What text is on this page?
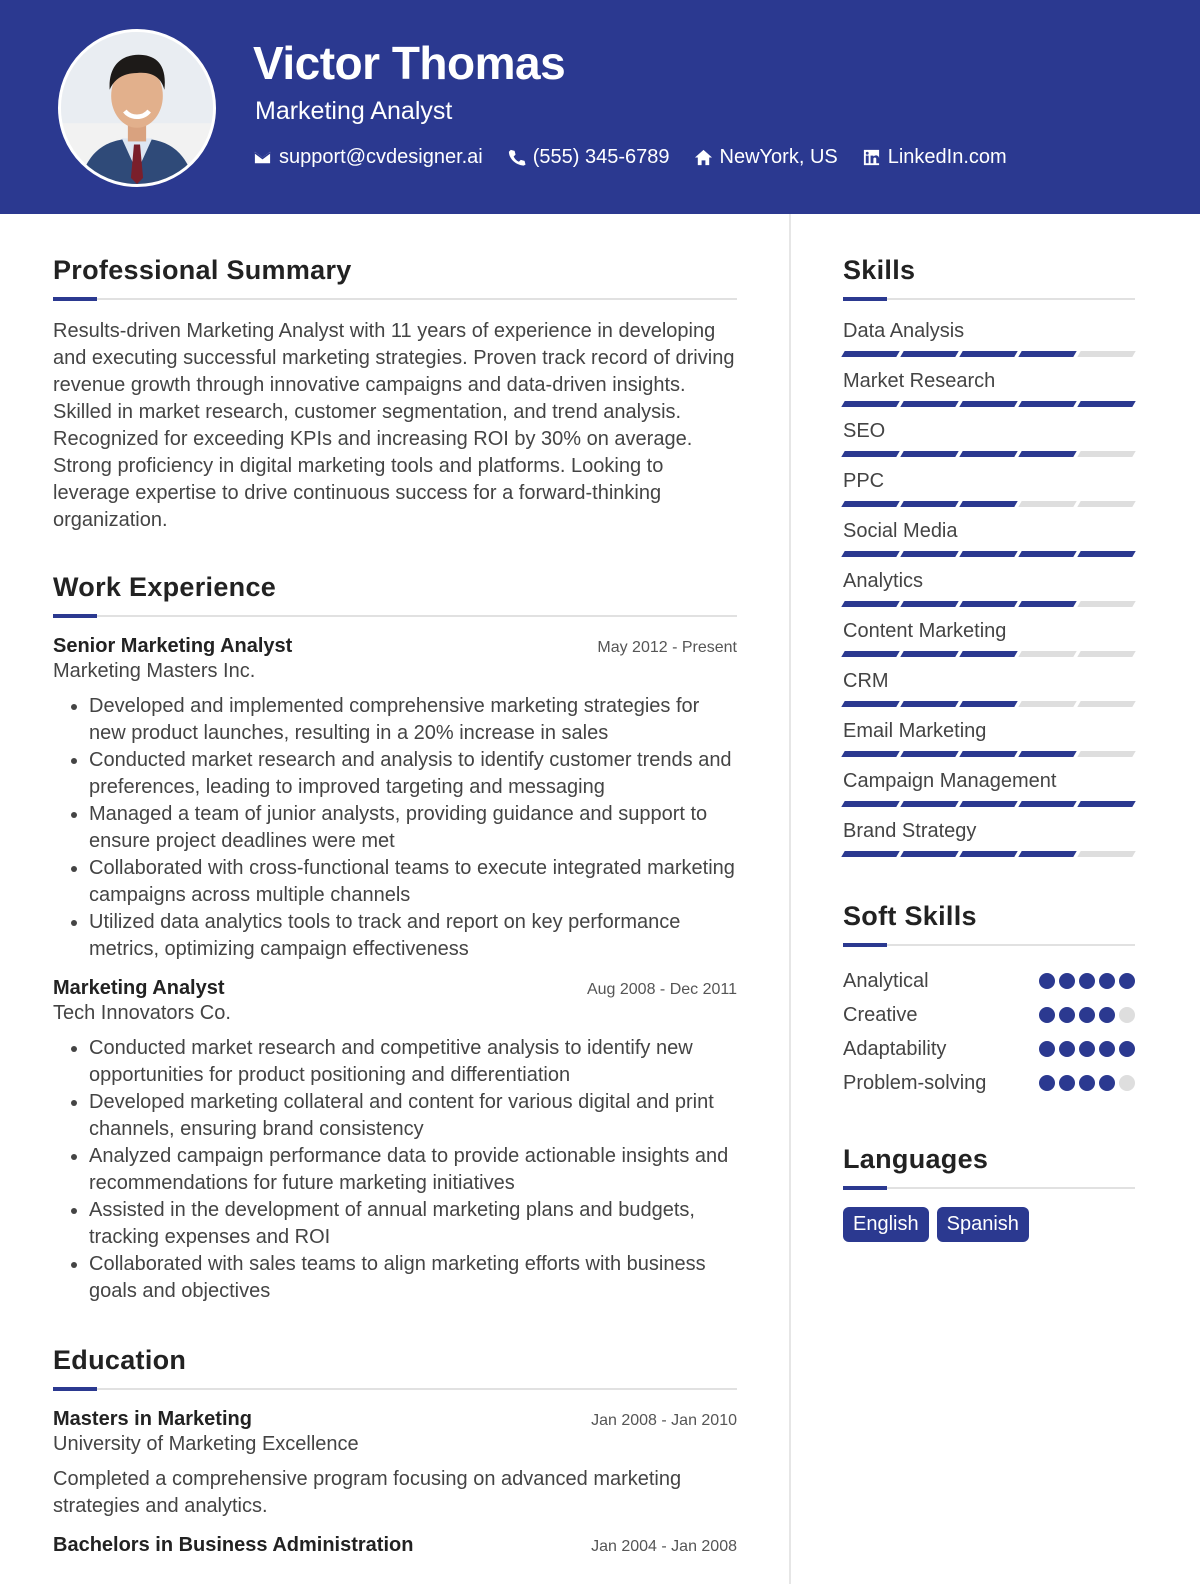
Victor Thomas
Marketing Analyst
support@cvdesigner.ai	(555) 345-6789	NewYork, US	LinkedIn.com
Professional Summary

Results-driven Marketing Analyst with 11 years of experience in developing and executing successful marketing strategies. Proven track record of driving revenue growth through innovative campaigns and data-driven insights. Skilled in market research, customer segmentation, and trend analysis. Recognized for exceeding KPIs and increasing ROI by 30% on average. Strong proficiency in digital marketing tools and platforms. Looking to leverage expertise to drive continuous success for a forward-thinking organization.

Work Experience
Senior Marketing Analyst	May 2012 - Present
Marketing Masters Inc.
• Developed and implemented comprehensive marketing strategies for new product launches, resulting in a 20% increase in sales
• Conducted market research and analysis to identify customer trends and preferences, leading to improved targeting and messaging
• Managed a team of junior analysts, providing guidance and support to ensure project deadlines were met
• Collaborated with cross-functional teams to execute integrated marketing campaigns across multiple channels
• Utilized data analytics tools to track and report on key performance metrics, optimizing campaign effectiveness
Marketing Analyst	Aug 2008 - Dec 2011
Tech Innovators Co.
• Conducted market research and competitive analysis to identify new opportunities for product positioning and differentiation
• Developed marketing collateral and content for various digital and print channels, ensuring brand consistency
• Analyzed campaign performance data to provide actionable insights and recommendations for future marketing initiatives
• Assisted in the development of annual marketing plans and budgets, tracking expenses and ROI
• Collaborated with sales teams to align marketing efforts with business goals and objectives
Education
Masters in Marketing	Jan 2008 - Jan 2010
University of Marketing Excellence
Completed a comprehensive program focusing on advanced marketing strategies and analytics.
Bachelors in Business Administration	Jan 2004 - Jan 2008
Skills
Data Analysis
Market Research
SEO
PPC
Social Media
Analytics
Content Marketing
CRM
Email Marketing
Campaign Management
Brand Strategy
Soft Skills
Analytical
Creative
Adaptability
Problem-solving
Languages
English	Spanish
